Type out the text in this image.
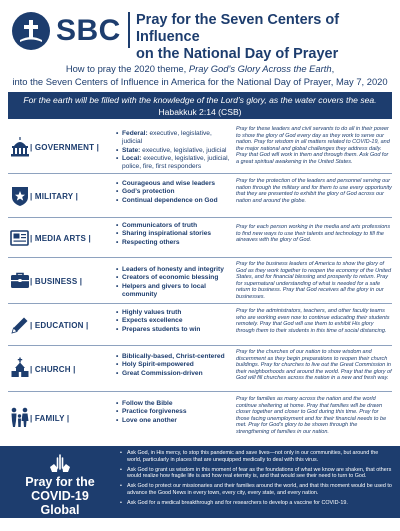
SBC Pray for the Seven Centers of Influence
on the National Day of Prayer
How to pray the 2020 theme, Pray God’s Glory Across the Earth,
into the Seven Centers of Influence in America for the National Day of Prayer, May 7, 2020
For the earth will be filled with the knowledge of the Lord’s glory, as the water covers the sea.
Habakkuk 2:14 (CSB)
| GOVERNMENT |
• Federal: executive, legislative, judicial
• State: executive, legislative, judicial
• Local: executive, legislative, judicial, police, fire, first responders
Pray for these leaders and civil servants to do all in their power to show the glory of God every day as they work to serve our nation. Pray for wisdom in all matters related to COVID-19, and the major national and global challenges they address daily. Pray that God will work in them and through them. Ask God for a great spiritual awakening in the United States.
| MILITARY |
• Courageous and wise leaders
• God’s protection
• Continual dependence on God
Pray for the protection of the leaders and personnel serving our nation through the military and for them to use every opportunity that they are presented to exhibit the glory of God across our nation and around the globe.
| MEDIA ARTS |
• Communicators of truth
• Sharing inspirational stories
• Respecting others
Pray for each person working in the media and arts professions to find new ways to use their talents and technology to fill the airwaves with the glory of God.
| BUSINESS |
• Leaders of honesty and integrity
• Creators of economic blessing
• Helpers and givers to local community
Pray for the business leaders of America to show the glory of God as they work together to reopen the economy of the United States, and for financial blessing and prosperity to return. Pray for supernatural understanding of what is needed for a safe return to business. Pray that God receives all the glory in our businesses.
| EDUCATION |
• Highly values truth
• Expects excellence
• Prepares students to win
Pray for the administrators, teachers, and other faculty teams who are working even now to continue educating their students remotely. Pray that God will use them to exhibit His glory through them to their students in this time of social distancing.
| CHURCH |
• Biblically-based, Christ-centered
• Holy Spirit-empowered
• Great Commission-driven
Pray for the churches of our nation to show wisdom and discernment as they begin preparations to reopen their church buildings. Pray for churches to live out the Great Commission in their neighborhoods and around the world. Pray that the glory of God will fill churches across the nation in a new and fresh way.
| FAMILY |
• Follow the Bible
• Practice forgiveness
• Love one another
Pray for families as many across the nation and the world continue sheltering at home. Pray that families will be drawn closer together and closer to God during this time. Pray for those facing unemployment and for their financial needs to be met. Pray for God’s glory to be shown through the strengthening of families in our nation.
Pray for the
COVID-19
Global
Pandemic
• Ask God, in His mercy, to stop this pandemic and save lives—not only in our communities, but around the world, particularly in places that are unequipped medically to deal with this virus.
• Ask God to grant us wisdom in this moment of fear as the foundations of what we know are shaken, that others would realize how fragile life is and how real eternity is, and that would see their need to turn to God.
• Ask God to protect our missionaries and their families around the world, and that this moment would be used to advance the Good News in every town, every city, every state, and every nation.
• Ask God for a medical breakthrough and for researchers to develop a vaccine for COVID-19.
